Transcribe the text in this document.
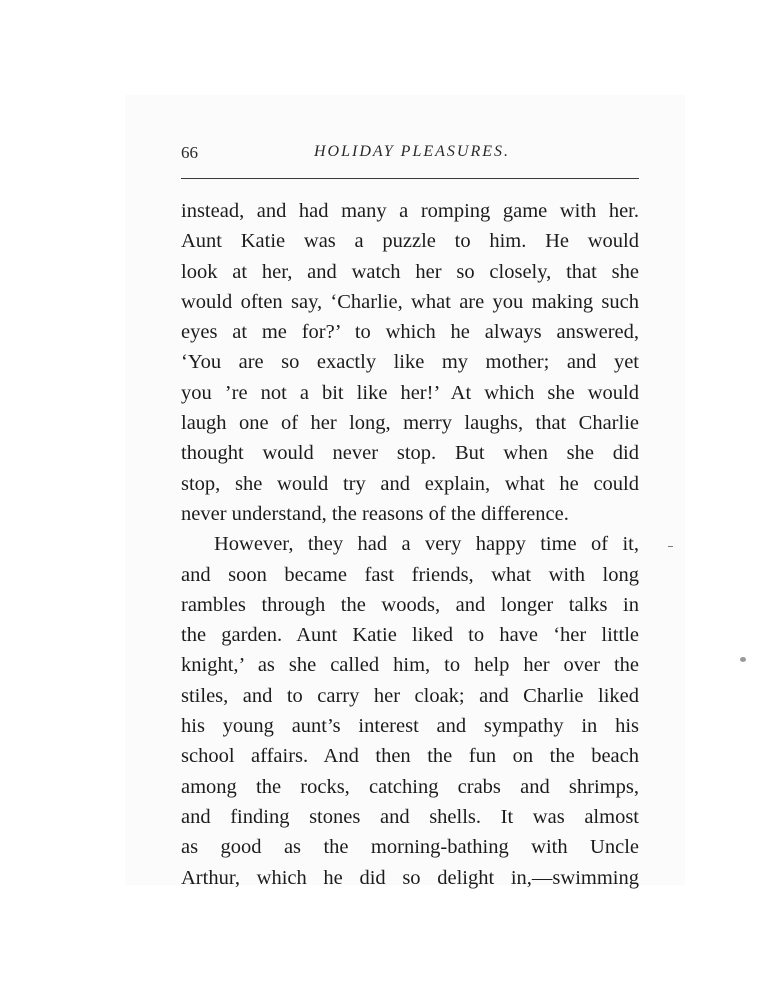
66	HOLIDAY PLEASURES.
instead, and had many a romping game with her.
Aunt Katie was a puzzle to him. He would
look at her, and watch her so closely, that she
would often say, ‘Charlie, what are you making such
eyes at me for?’ to which he always answered,
‘You are so exactly like my mother; and yet
you ’re not a bit like her!’ At which she would
laugh one of her long, merry laughs, that Charlie
thought would never stop. But when she did
stop, she would try and explain, what he could
never understand, the reasons of the difference.
However, they had a very happy time of it,
and soon became fast friends, what with long
rambles through the woods, and longer talks in
the garden. Aunt Katie liked to have ‘her little
knight,’ as she called him, to help her over the
stiles, and to carry her cloak; and Charlie liked
his young aunt’s interest and sympathy in his
school affairs. And then the fun on the beach
among the rocks, catching crabs and shrimps,
and finding stones and shells. It was almost
as good as the morning-bathing with Uncle
Arthur, which he did so delight in,—swimming
